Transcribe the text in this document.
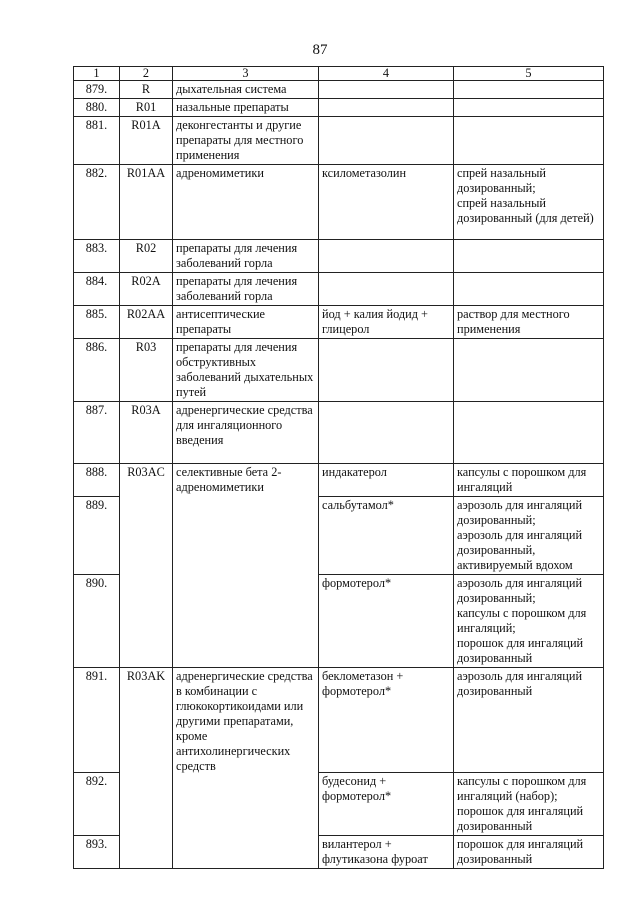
87
1	2	3	4	5
879.	R	дыхательная система		
880.	R01	назальные препараты		
881.	R01A	деконгестанты и другие препараты для местного применения		
882.	R01AA	адреномиметики	ксилометазолин	спрей назальный дозированный;
спрей назальный дозированный (для детей)
883.	R02	препараты для лечения заболеваний горла		
884.	R02A	препараты для лечения заболеваний горла		
885.	R02AA	антисептические препараты	йод + калия йодид + глицерол	раствор для местного применения
886.	R03	препараты для лечения обструктивных заболеваний дыхательных путей		
887.	R03A	адренергические средства для ингаляционного введения		
888.	R03AC	селективные бета 2-адреномиметики	индакатерол	капсулы с порошком для ингаляций
889.			сальбутамол*	аэрозоль для ингаляций дозированный;
аэрозоль для ингаляций дозированный, активируемый вдохом
890.			формотерол*	аэрозоль для ингаляций дозированный;
капсулы с порошком для ингаляций;
порошок для ингаляций дозированный
891.	R03AK	адренергические средства в комбинации с глюкокортикоидами или другими препаратами, кроме антихолинергических средств	беклометазон + формотерол*	аэрозоль для ингаляций дозированный
892.			будесонид + формотерол*	капсулы с порошком для ингаляций (набор);
порошок для ингаляций дозированный
893.			вилантерол + флутиказона фуроат	порошок для ингаляций дозированный
